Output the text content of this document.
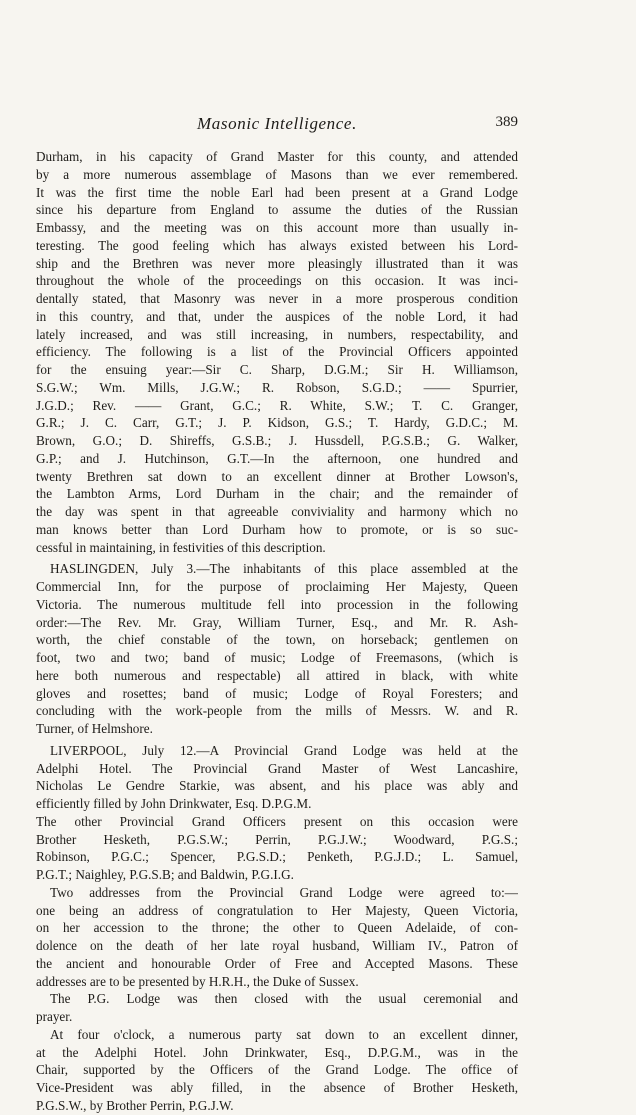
Masonic Intelligence.	389
Durham, in his capacity of Grand Master for this county, and attended
by a more numerous assemblage of Masons than we ever remembered.
It was the first time the noble Earl had been present at a Grand Lodge
since his departure from England to assume the duties of the Russian
Embassy, and the meeting was on this account more than usually in-
teresting. The good feeling which has always existed between his Lord-
ship and the Brethren was never more pleasingly illustrated than it was
throughout the whole of the proceedings on this occasion. It was inci-
dentally stated, that Masonry was never in a more prosperous condition
in this country, and that, under the auspices of the noble Lord, it had
lately increased, and was still increasing, in numbers, respectability, and
efficiency. The following is a list of the Provincial Officers appointed
for the ensuing year:—Sir C. Sharp, D.G.M.; Sir H. Williamson,
S.G.W.; Wm. Mills, J.G.W.; R. Robson, S.G.D.; —— Spurrier,
J.G.D.; Rev. —— Grant, G.C.; R. White, S.W.; T. C. Granger,
G.R.; J. C. Carr, G.T.; J. P. Kidson, G.S.; T. Hardy, G.D.C.; M.
Brown, G.O.; D. Shireffs, G.S.B.; J. Hussdell, P.G.S.B.; G. Walker,
G.P.; and J. Hutchinson, G.T.—In the afternoon, one hundred and
twenty Brethren sat down to an excellent dinner at Brother Lowson's,
the Lambton Arms, Lord Durham in the chair; and the remainder of
the day was spent in that agreeable conviviality and harmony which no
man knows better than Lord Durham how to promote, or is so suc-
cessful in maintaining, in festivities of this description.
HASLINGDEN, July 3.—The inhabitants of this place assembled at the
Commercial Inn, for the purpose of proclaiming Her Majesty, Queen
Victoria. The numerous multitude fell into procession in the following
order:—The Rev. Mr. Gray, William Turner, Esq., and Mr. R. Ash-
worth, the chief constable of the town, on horseback; gentlemen on
foot, two and two; band of music; Lodge of Freemasons, (which is
here both numerous and respectable) all attired in black, with white
gloves and rosettes; band of music; Lodge of Royal Foresters; and
concluding with the work-people from the mills of Messrs. W. and R.
Turner, of Helmshore.
LIVERPOOL, July 12.—A Provincial Grand Lodge was held at the
Adelphi Hotel. The Provincial Grand Master of West Lancashire,
Nicholas Le Gendre Starkie, was absent, and his place was ably and
efficiently filled by John Drinkwater, Esq. D.P.G.M.
The other Provincial Grand Officers present on this occasion were
Brother Hesketh, P.G.S.W.; Perrin, P.G.J.W.; Woodward, P.G.S.;
Robinson, P.G.C.; Spencer, P.G.S.D.; Penketh, P.G.J.D.; L. Samuel,
P.G.T.; Naighley, P.G.S.B; and Baldwin, P.G.I.G.
Two addresses from the Provincial Grand Lodge were agreed to:—
one being an address of congratulation to Her Majesty, Queen Victoria,
on her accession to the throne; the other to Queen Adelaide, of con-
dolence on the death of her late royal husband, William IV., Patron of
the ancient and honourable Order of Free and Accepted Masons. These
addresses are to be presented by H.R.H., the Duke of Sussex.
The P.G. Lodge was then closed with the usual ceremonial and
prayer.
At four o'clock, a numerous party sat down to an excellent dinner,
at the Adelphi Hotel. John Drinkwater, Esq., D.P.G.M., was in the
Chair, supported by the Officers of the Grand Lodge. The office of
Vice-President was ably filled, in the absence of Brother Hesketh,
P.G.S.W., by Brother Perrin, P.G.J.W.
